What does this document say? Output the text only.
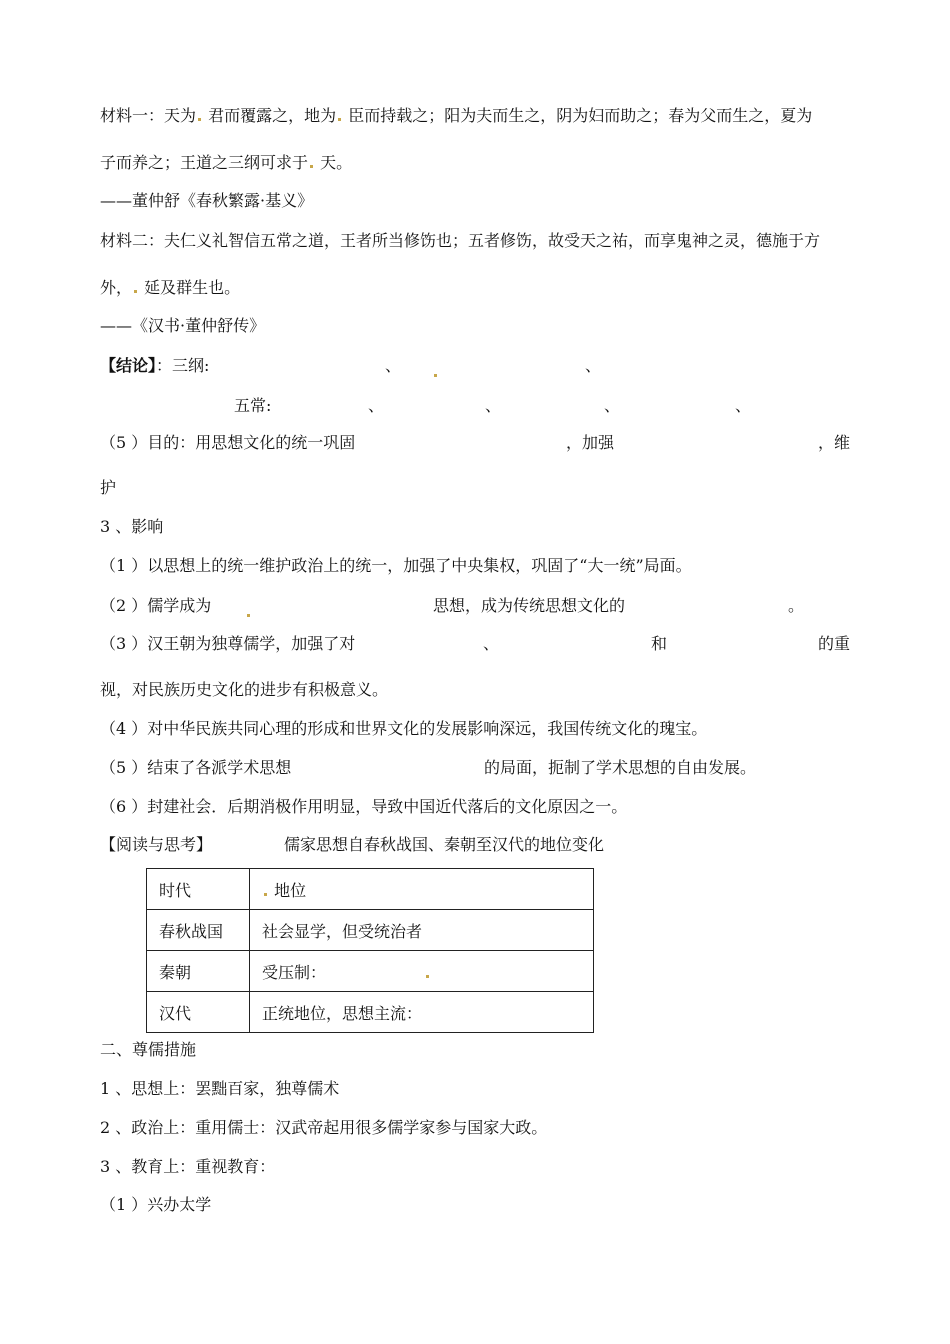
材料一：天为 君而覆露之，地为 臣而持载之；阳为夫而生之，阴为妇而助之；春为父而生之，夏为
子而养之；王道之三纲可求于 天。
——董仲舒《春秋繁露·基义》
材料二：夫仁义礼智信五常之道，王者所当修饬也；五者修饬，故受天之祐，而享鬼神之灵，德施于方
外， 延及群生也。
——《汉书·董仲舒传》
【结论】：三纲:	、	、
五常:	、	、	、	、
（5 ）目的：用思想文化的统一巩固	，加强	，维
护
3 、影响
（1 ）以思想上的统一维护政治上的统一，加强了中央集权，巩固了“大一统”局面。
（2 ）儒学成为	思想，成为传统思想文化的	。
（3 ）汉王朝为独尊儒学，加强了对	、	和	的重
视，对民族历史文化的进步有积极意义。
（4 ）对中华民族共同心理的形成和世界文化的发展影响深远，我国传统文化的瑰宝。
（5 ）结束了各派学术思想	的局面，扼制了学术思想的自由发展。
（6 ）封建社会．后期消极作用明显，导致中国近代落后的文化原因之一。
【阅读与思考】	儒家思想自春秋战国、秦朝至汉代的地位变化
时代	地位
春秋战国	社会显学，但受统治者
秦朝	受压制：
汉代	正统地位，思想主流：
二、尊儒措施
1 、思想上：罢黜百家，独尊儒术
2 、政治上：重用儒士：汉武帝起用很多儒学家参与国家大政。
3 、教育上：重视教育：
（1 ）兴办太学
